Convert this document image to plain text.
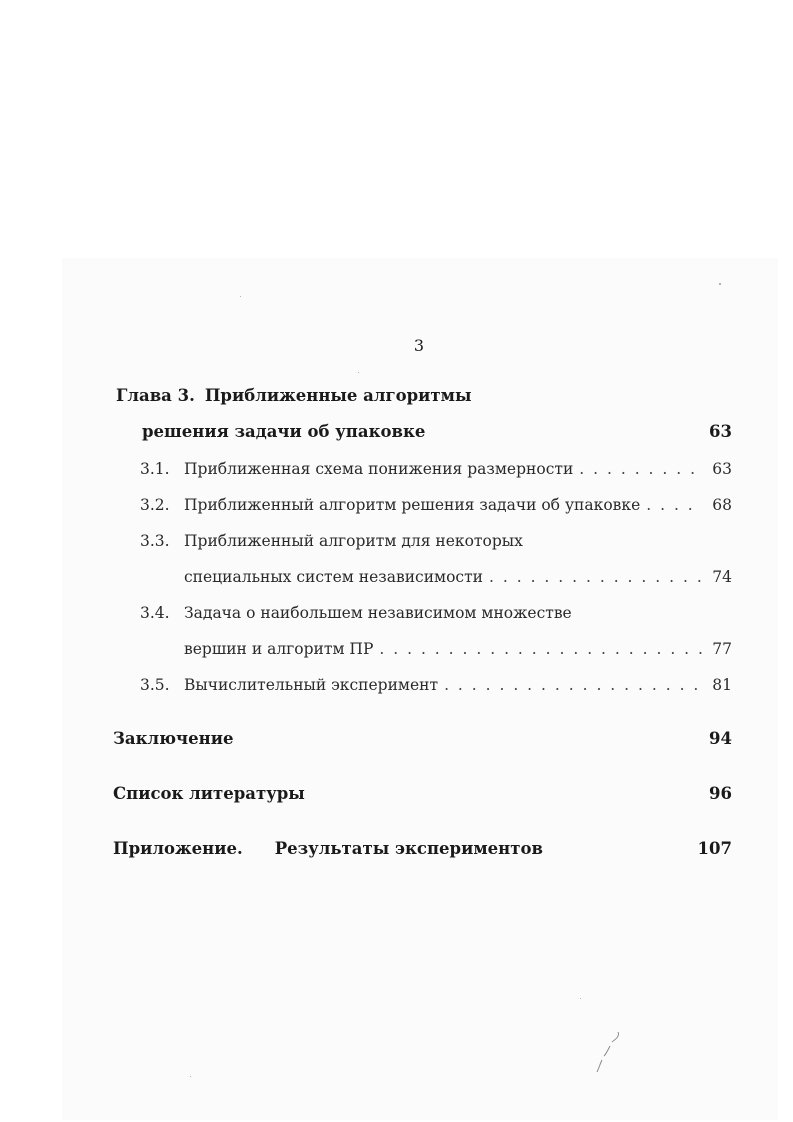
3
Глава 3. Приближенные алгоритмы
решения задачи об упаковке	63
3.1. Приближенная схема понижения размерности . . .	63
3.2. Приближенный алгоритм решения задачи об упаковке . . .	68
3.3. Приближенный алгоритм для некоторых
специальных систем независимости . . .	74
3.4. Задача о наибольшем независимом множестве
вершин и алгоритм ПР . . .	77
3.5. Вычислительный эксперимент . . .	81
Заключение	94
Список литературы	96
Приложение. Результаты экспериментов	107
